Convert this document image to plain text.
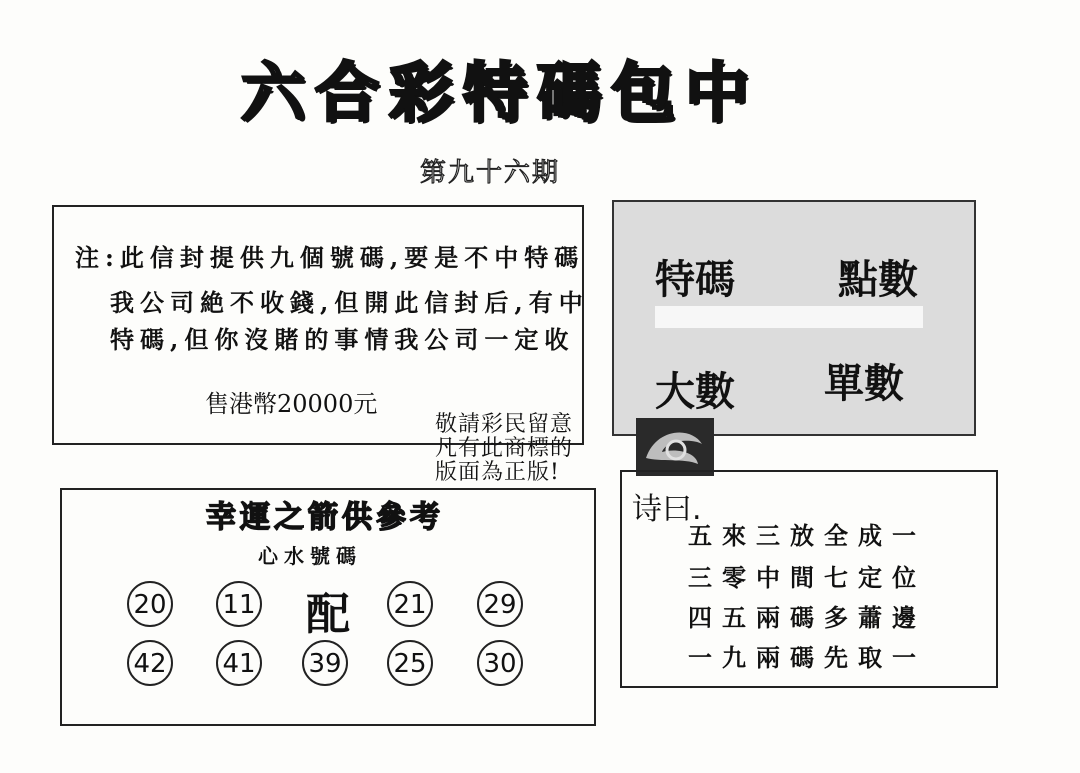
六合彩特碼包中
第九十六期
注:此信封提供九個號碼,要是不中特碼
我公司絶不收錢,但開此信封后,有中
特碼,但你沒賭的事情我公司一定收
售港幣20000元
特碼	點數
大數 單數
敬請彩民留意
凡有此商標的
版面為正版!
幸運之箭供參考
心水號碼
20 11 配	21 29
42 41 39 25 30
诗曰.
五來三放全成一
三零中間七定位
四五兩碼多蕭邊
一九兩碼先取一
